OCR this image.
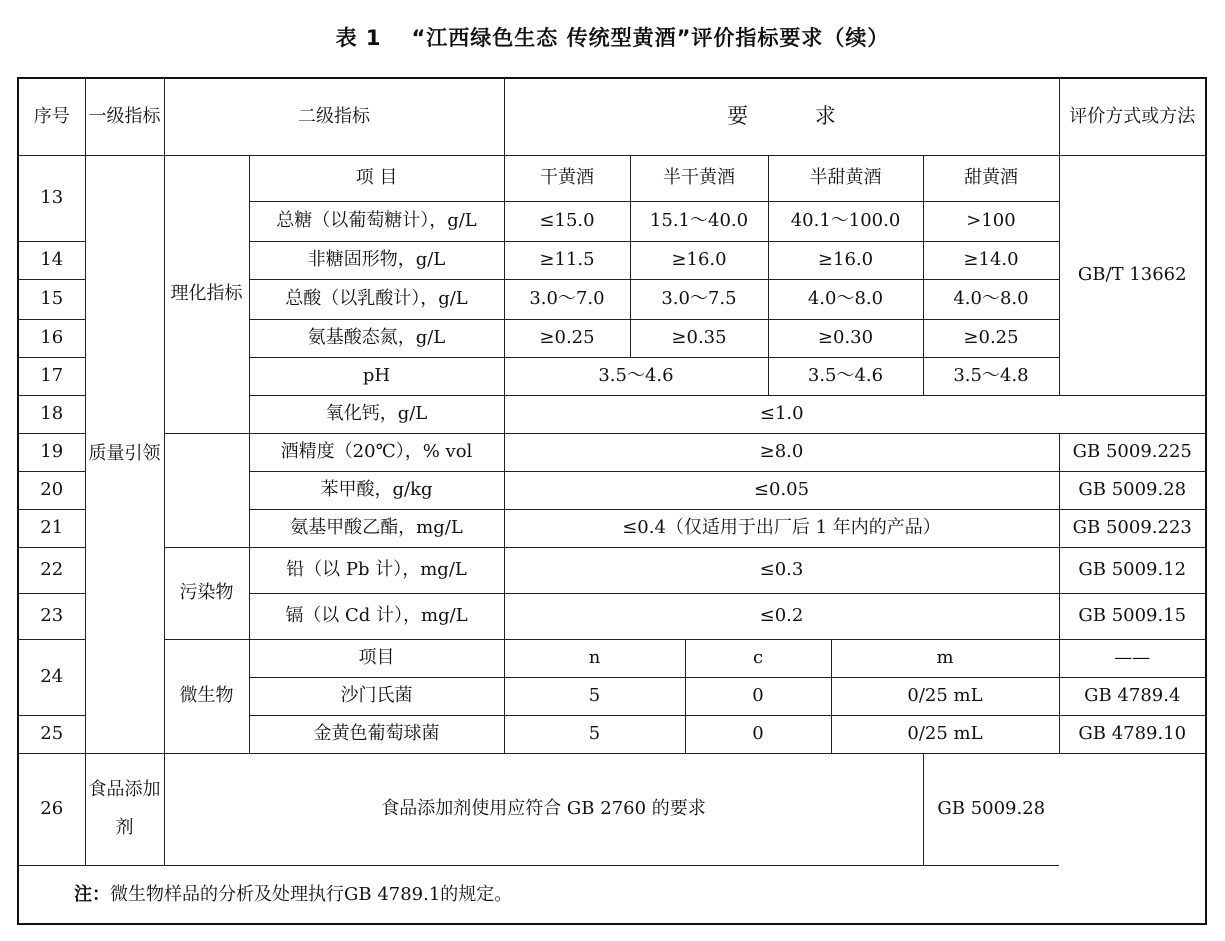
表 1 “江西绿色生态 传统型黄酒”评价指标要求（续）
序号	一级指标	二级指标		要 求						评价方式或方法
13	质量引领	理化指标	项 目	干黄酒	半干黄酒		半甜黄酒		甜黄酒	GB/T 13662
			总糖（以葡萄糖计），g/L	≤15.0	15.1～40.0		40.1～100.0		>100	
14			非糖固形物，g/L	≥11.5	≥16.0		≥16.0		≥14.0	
15			总酸（以乳酸计），g/L	3.0～7.0	3.0～7.5		4.0～8.0		4.0～8.0	
16			氨基酸态氮，g/L	≥0.25	≥0.35		≥0.30		≥0.25	
17			pH	3.5～4.6			3.5～4.6		3.5～4.8	
18			氧化钙，g/L	≤1.0						
19			酒精度（20℃），% vol	≥8.0						GB 5009.225
20			苯甲酸，g/kg	≤0.05						GB 5009.28
21			氨基甲酸乙酯，mg/L	≤0.4（仅适用于出厂后 1 年内的产品）						GB 5009.223
22		污染物	铅（以 Pb 计），mg/L	≤0.3						GB 5009.12
23			镉（以 Cd 计），mg/L	≤0.2						GB 5009.15
24		微生物	项目	n		c		m		——
			沙门氏菌	5		0		0/25 mL		GB 4789.4
25			金黄色葡萄球菌	5		0		0/25 mL		GB 4789.10
26	食品添加剂	食品添加剂使用应符合 GB 2760 的要求							GB 5009.28	
注：微生物样品的分析及处理执行GB 4789.1的规定。
